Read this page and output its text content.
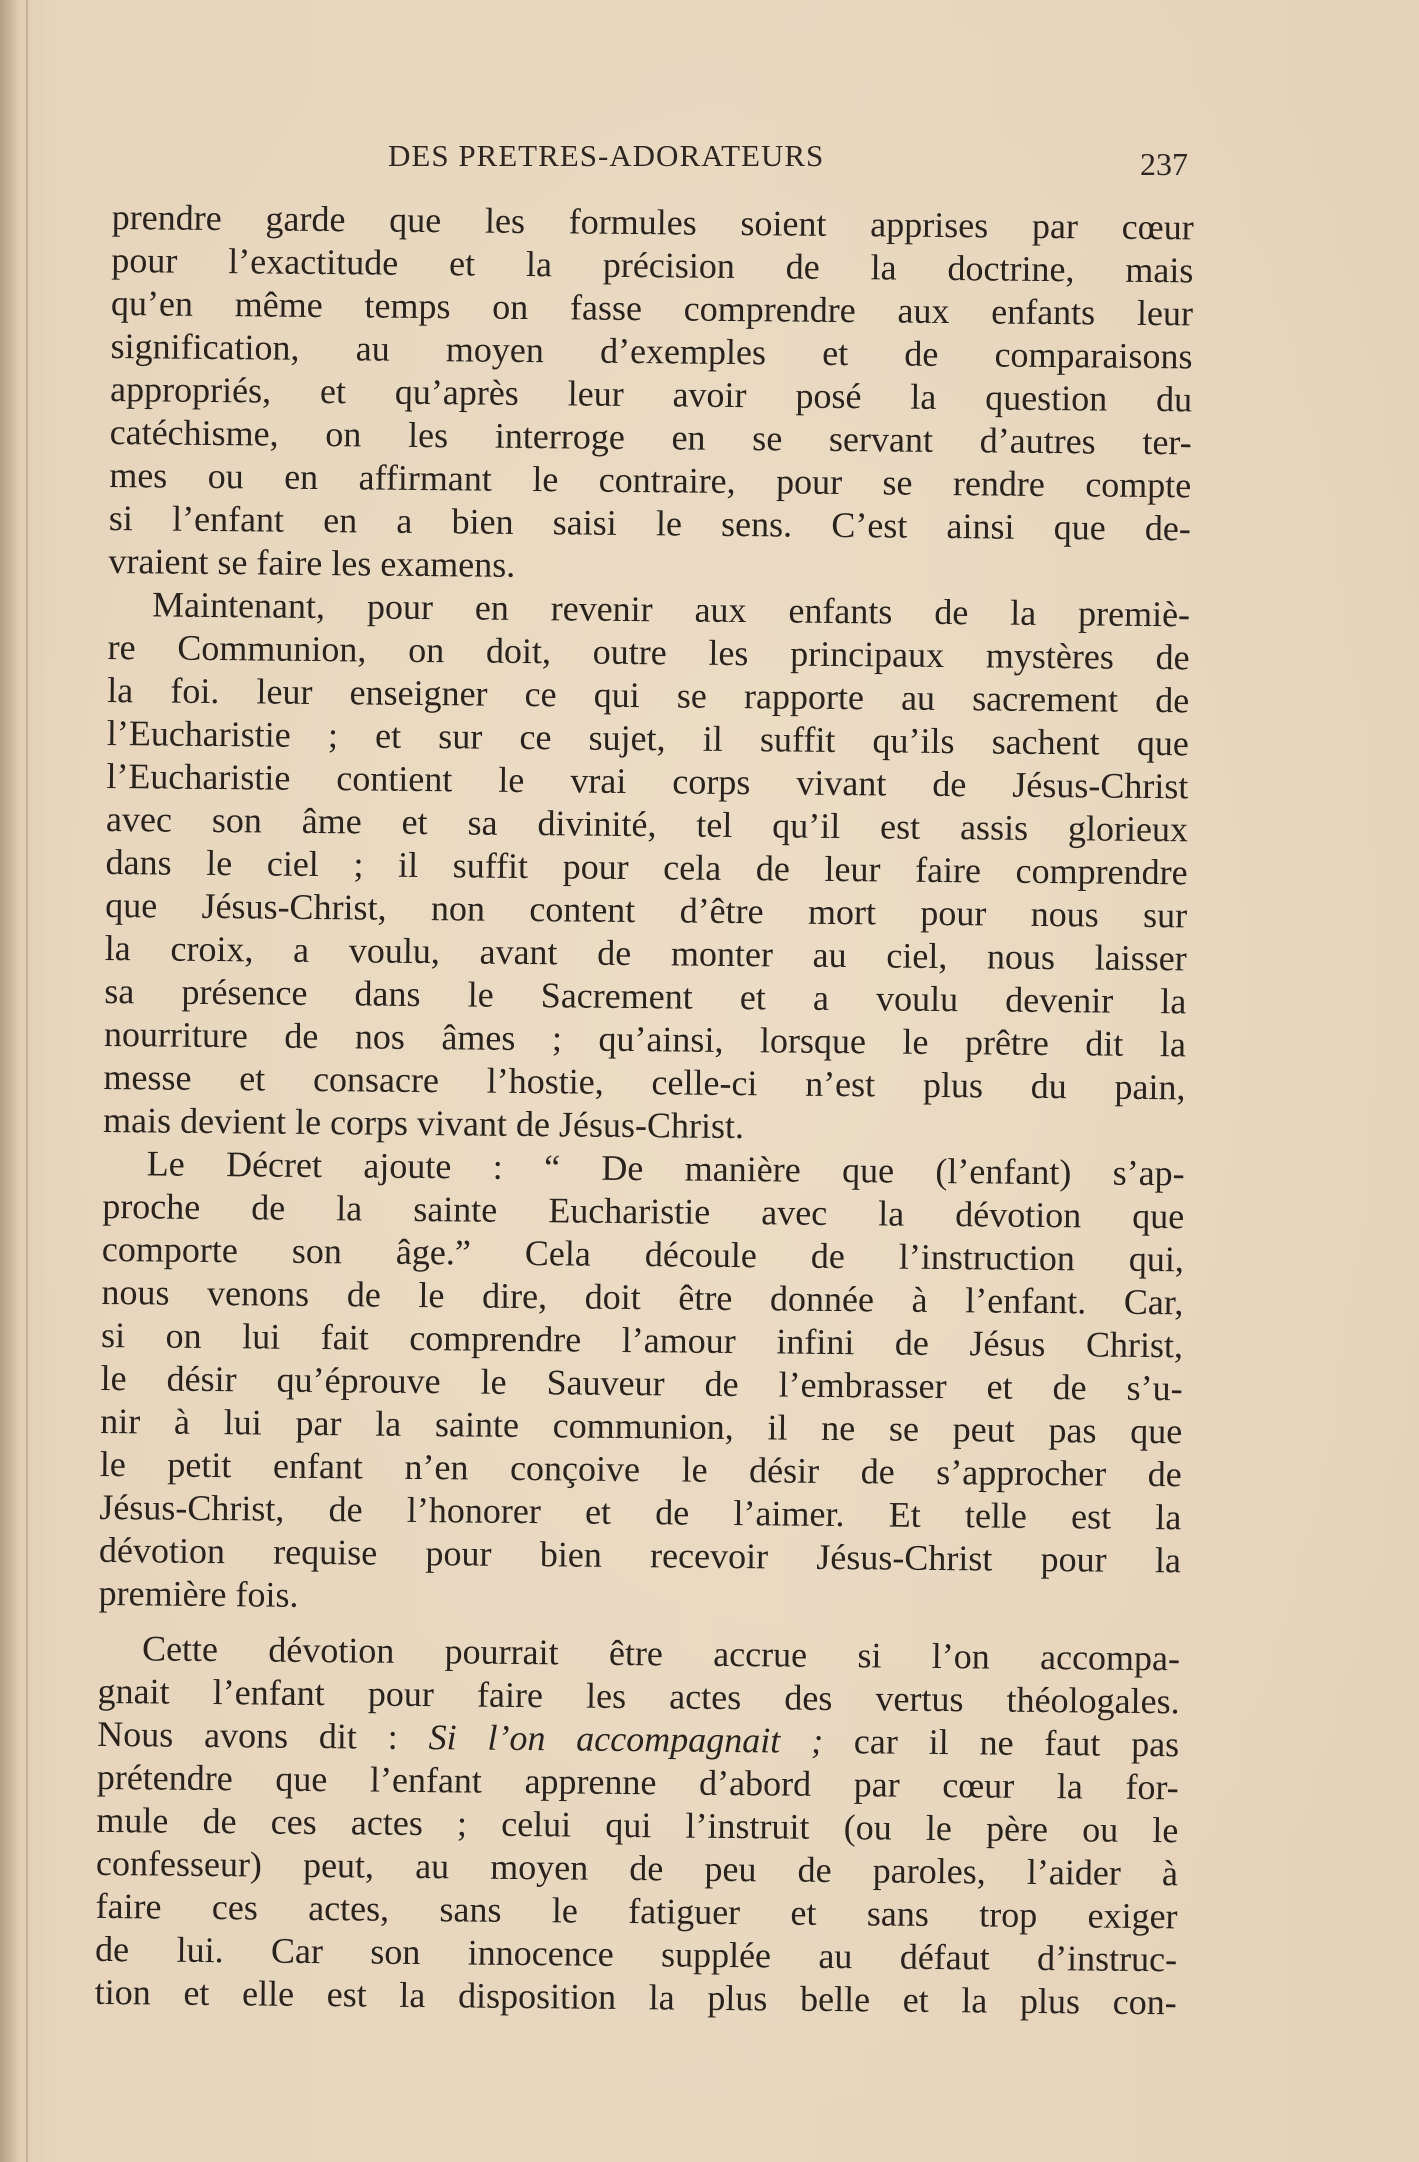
DES PRETRES-ADORATEURS	237

prendre garde que les formules soient apprises par cœur
pour l’exactitude et la précision de la doctrine, mais
qu’en même temps on fasse comprendre aux enfants leur
signification, au moyen d’exemples et de comparaisons
appropriés, et qu’après leur avoir posé la question du
catéchisme, on les interroge en se servant d’autres ter-
mes ou en affirmant le contraire, pour se rendre compte
si l’enfant en a bien saisi le sens. C’est ainsi que de-
vraient se faire les examens.

Maintenant, pour en revenir aux enfants de la premiè-
re Communion, on doit, outre les principaux mystères de
la foi. leur enseigner ce qui se rapporte au sacrement de
l’Eucharistie ; et sur ce sujet, il suffit qu’ils sachent que
l’Eucharistie contient le vrai corps vivant de Jésus-Christ
avec son âme et sa divinité, tel qu’il est assis glorieux
dans le ciel ; il suffit pour cela de leur faire comprendre
que Jésus-Christ, non content d’être mort pour nous sur
la croix, a voulu, avant de monter au ciel, nous laisser
sa présence dans le Sacrement et a voulu devenir la
nourriture de nos âmes ; qu’ainsi, lorsque le prêtre dit la
messe et consacre l’hostie, celle-ci n’est plus du pain,
mais devient le corps vivant de Jésus-Christ.

Le Décret ajoute : “ De manière que (l’enfant) s’ap-
proche de la sainte Eucharistie avec la dévotion que
comporte son âge.” Cela découle de l’instruction qui,
nous venons de le dire, doit être donnée à l’enfant. Car,
si on lui fait comprendre l’amour infini de Jésus Christ,
le désir qu’éprouve le Sauveur de l’embrasser et de s’u-
nir à lui par la sainte communion, il ne se peut pas que
le petit enfant n’en conçoive le désir de s’approcher de
Jésus-Christ, de l’honorer et de l’aimer. Et telle est la
dévotion requise pour bien recevoir Jésus-Christ pour la
première fois.

Cette dévotion pourrait être accrue si l’on accompa-
gnait l’enfant pour faire les actes des vertus théologales.
Nous avons dit : Si l’on accompagnait ; car il ne faut pas
prétendre que l’enfant apprenne d’abord par cœur la for-
mule de ces actes ; celui qui l’instruit (ou le père ou le
confesseur) peut, au moyen de peu de paroles, l’aider à
faire ces actes, sans le fatiguer et sans trop exiger
de lui. Car son innocence supplée au défaut d’instruc-
tion et elle est la disposition la plus belle et la plus con-
